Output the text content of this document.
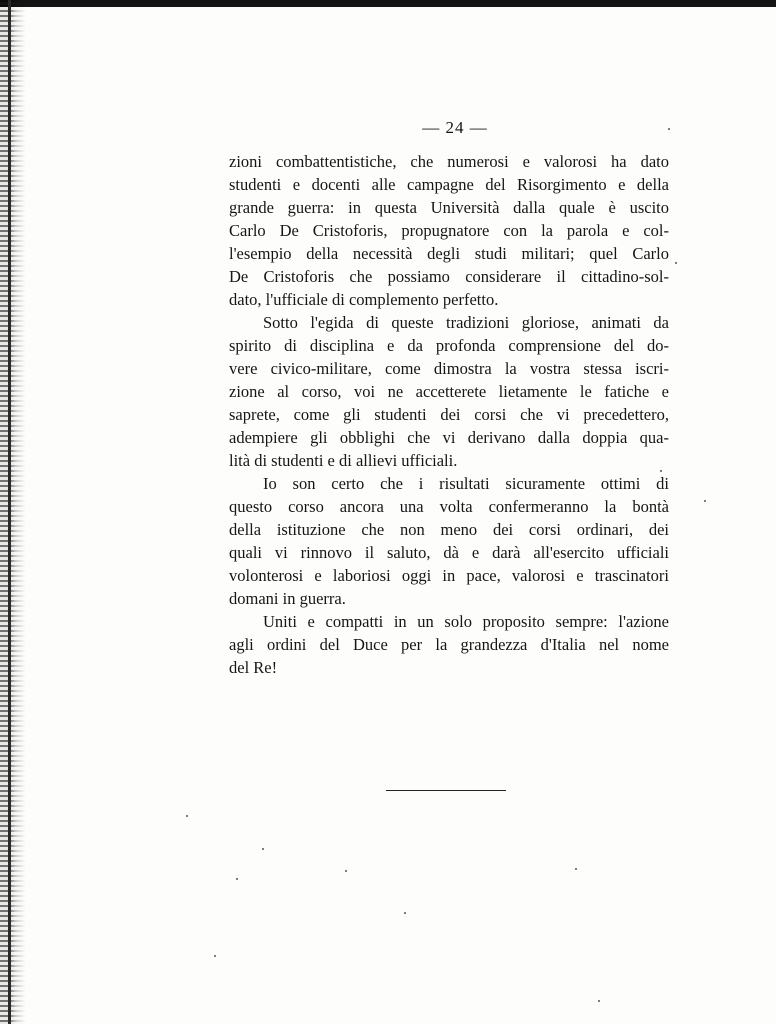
— 24 —
zioni combattentistiche, che numerosi e valorosi ha dato
studenti e docenti alle campagne del Risorgimento e della
grande guerra: in questa Università dalla quale è uscito
Carlo De Cristoforis, propugnatore con la parola e col-
l'esempio della necessità degli studi militari; quel Carlo
De Cristoforis che possiamo considerare il cittadino-sol-
dato, l'ufficiale di complemento perfetto.
Sotto l'egida di queste tradizioni gloriose, animati da
spirito di disciplina e da profonda comprensione del do-
vere civico-militare, come dimostra la vostra stessa iscri-
zione al corso, voi ne accetterete lietamente le fatiche e
saprete, come gli studenti dei corsi che vi precedettero,
adempiere gli obblighi che vi derivano dalla doppia qua-
lità di studenti e di allievi ufficiali.
Io son certo che i risultati sicuramente ottimi di
questo corso ancora una volta confermeranno la bontà
della istituzione che non meno dei corsi ordinari, dei
quali vi rinnovo il saluto, dà e darà all'esercito ufficiali
volonterosi e laboriosi oggi in pace, valorosi e trascinatori
domani in guerra.
Uniti e compatti in un solo proposito sempre: l'azione
agli ordini del Duce per la grandezza d'Italia nel nome
del Re!
